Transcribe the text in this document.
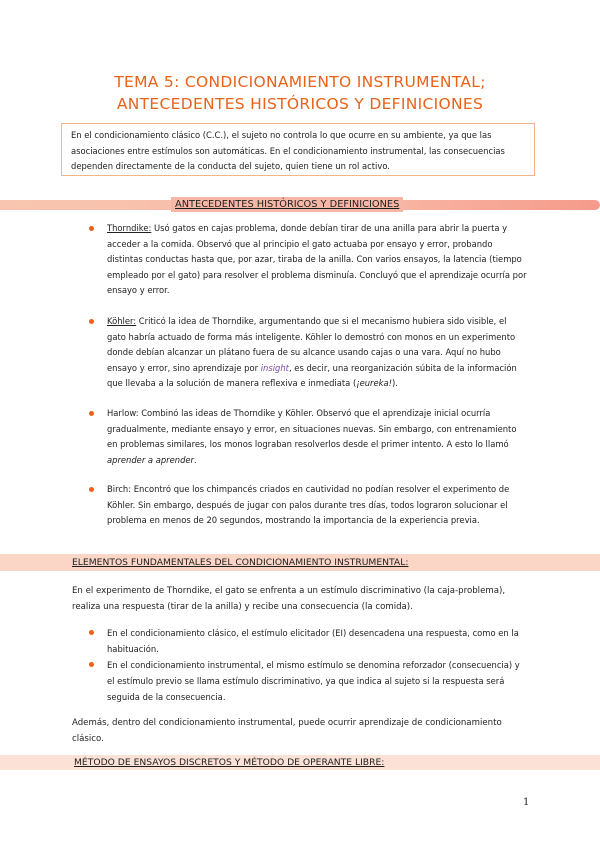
TEMA 5: CONDICIONAMIENTO INSTRUMENTAL;
ANTECEDENTES HISTÓRICOS Y DEFINICIONES
En el condicionamiento clásico (C.C.), el sujeto no controla lo que ocurre en su ambiente, ya que las asociaciones entre estímulos son automáticas. En el condicionamiento instrumental, las consecuencias dependen directamente de la conducta del sujeto, quien tiene un rol activo.
ANTECEDENTES HISTÓRICOS Y DEFINICIONES
Thorndike: Usó gatos en cajas problema, donde debían tirar de una anilla para abrir la puerta y acceder a la comida. Observó que al principio el gato actuaba por ensayo y error, probando distintas conductas hasta que, por azar, tiraba de la anilla. Con varios ensayos, la latencia (tiempo empleado por el gato) para resolver el problema disminuía. Concluyó que el aprendizaje ocurría por ensayo y error.
Köhler: Criticó la idea de Thorndike, argumentando que si el mecanismo hubiera sido visible, el gato habría actuado de forma más inteligente. Köhler lo demostró con monos en un experimento donde debían alcanzar un plátano fuera de su alcance usando cajas o una vara. Aquí no hubo ensayo y error, sino aprendizaje por insight, es decir, una reorganización súbita de la información que llevaba a la solución de manera reflexiva e inmediata (¡eureka!).
Harlow: Combinó las ideas de Thorndike y Köhler. Observó que el aprendizaje inicial ocurría gradualmente, mediante ensayo y error, en situaciones nuevas. Sin embargo, con entrenamiento en problemas similares, los monos lograban resolverlos desde el primer intento. A esto lo llamó aprender a aprender.
Birch: Encontró que los chimpancés criados en cautividad no podían resolver el experimento de Köhler. Sin embargo, después de jugar con palos durante tres días, todos lograron solucionar el problema en menos de 20 segundos, mostrando la importancia de la experiencia previa.
ELEMENTOS FUNDAMENTALES DEL CONDICIONAMIENTO INSTRUMENTAL:
En el experimento de Thorndike, el gato se enfrenta a un estímulo discriminativo (la caja-problema), realiza una respuesta (tirar de la anilla) y recibe una consecuencia (la comida).
En el condicionamiento clásico, el estímulo elicitador (EI) desencadena una respuesta, como en la habituación.
En el condicionamiento instrumental, el mismo estímulo se denomina reforzador (consecuencia) y el estímulo previo se llama estímulo discriminativo, ya que indica al sujeto si la respuesta será seguida de la consecuencia.
Además, dentro del condicionamiento instrumental, puede ocurrir aprendizaje de condicionamiento clásico.
MÉTODO DE ENSAYOS DISCRETOS Y MÉTODO DE OPERANTE LIBRE:
1
